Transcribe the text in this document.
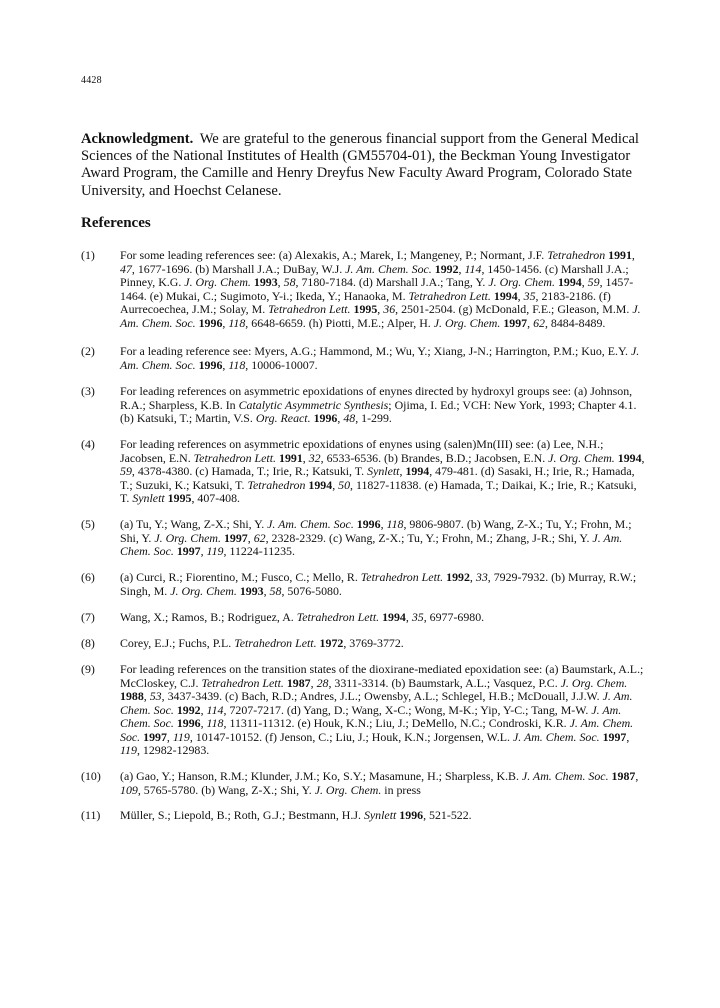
4428
Acknowledgment. We are grateful to the generous financial support from the General Medical Sciences of the National Institutes of Health (GM55704-01), the Beckman Young Investigator Award Program, the Camille and Henry Dreyfus New Faculty Award Program, Colorado State University, and Hoechst Celanese.
References
(1) For some leading references see: (a) Alexakis, A.; Marek, I.; Mangeney, P.; Normant, J.F. Tetrahedron 1991, 47, 1677-1696. (b) Marshall J.A.; DuBay, W.J. J. Am. Chem. Soc. 1992, 114, 1450-1456. (c) Marshall J.A.; Pinney, K.G. J. Org. Chem. 1993, 58, 7180-7184. (d) Marshall J.A.; Tang, Y. J. Org. Chem. 1994, 59, 1457-1464. (e) Mukai, C.; Sugimoto, Y-i.; Ikeda, Y.; Hanaoka, M. Tetrahedron Lett. 1994, 35, 2183-2186. (f) Aurrecoechea, J.M.; Solay, M. Tetrahedron Lett. 1995, 36, 2501-2504. (g) McDonald, F.E.; Gleason, M.M. J. Am. Chem. Soc. 1996, 118, 6648-6659. (h) Piotti, M.E.; Alper, H. J. Org. Chem. 1997, 62, 8484-8489.
(2) For a leading reference see: Myers, A.G.; Hammond, M.; Wu, Y.; Xiang, J-N.; Harrington, P.M.; Kuo, E.Y. J. Am. Chem. Soc. 1996, 118, 10006-10007.
(3) For leading references on asymmetric epoxidations of enynes directed by hydroxyl groups see: (a) Johnson, R.A.; Sharpless, K.B. In Catalytic Asymmetric Synthesis; Ojima, I. Ed.; VCH: New York, 1993; Chapter 4.1. (b) Katsuki, T.; Martin, V.S. Org. React. 1996, 48, 1-299.
(4) For leading references on asymmetric epoxidations of enynes using (salen)Mn(III) see: (a) Lee, N.H.; Jacobsen, E.N. Tetrahedron Lett. 1991, 32, 6533-6536. (b) Brandes, B.D.; Jacobsen, E.N. J. Org. Chem. 1994, 59, 4378-4380. (c) Hamada, T.; Irie, R.; Katsuki, T. Synlett, 1994, 479-481. (d) Sasaki, H.; Irie, R.; Hamada, T.; Suzuki, K.; Katsuki, T. Tetrahedron 1994, 50, 11827-11838. (e) Hamada, T.; Daikai, K.; Irie, R.; Katsuki, T. Synlett 1995, 407-408.
(5) (a) Tu, Y.; Wang, Z-X.; Shi, Y. J. Am. Chem. Soc. 1996, 118, 9806-9807. (b) Wang, Z-X.; Tu, Y.; Frohn, M.; Shi, Y. J. Org. Chem. 1997, 62, 2328-2329. (c) Wang, Z-X.; Tu, Y.; Frohn, M.; Zhang, J-R.; Shi, Y. J. Am. Chem. Soc. 1997, 119, 11224-11235.
(6) (a) Curci, R.; Fiorentino, M.; Fusco, C.; Mello, R. Tetrahedron Lett. 1992, 33, 7929-7932. (b) Murray, R.W.; Singh, M. J. Org. Chem. 1993, 58, 5076-5080.
(7) Wang, X.; Ramos, B.; Rodriguez, A. Tetrahedron Lett. 1994, 35, 6977-6980.
(8) Corey, E.J.; Fuchs, P.L. Tetrahedron Lett. 1972, 3769-3772.
(9) For leading references on the transition states of the dioxirane-mediated epoxidation see: (a) Baumstark, A.L.; McCloskey, C.J. Tetrahedron Lett. 1987, 28, 3311-3314. (b) Baumstark, A.L.; Vasquez, P.C. J. Org. Chem. 1988, 53, 3437-3439. (c) Bach, R.D.; Andres, J.L.; Owensby, A.L.; Schlegel, H.B.; McDouall, J.J.W. J. Am. Chem. Soc. 1992, 114, 7207-7217. (d) Yang, D.; Wang, X-C.; Wong, M-K.; Yip, Y-C.; Tang, M-W. J. Am. Chem. Soc. 1996, 118, 11311-11312. (e) Houk, K.N.; Liu, J.; DeMello, N.C.; Condroski, K.R. J. Am. Chem. Soc. 1997, 119, 10147-10152. (f) Jenson, C.; Liu, J.; Houk, K.N.; Jorgensen, W.L. J. Am. Chem. Soc. 1997, 119, 12982-12983.
(10) (a) Gao, Y.; Hanson, R.M.; Klunder, J.M.; Ko, S.Y.; Masamune, H.; Sharpless, K.B. J. Am. Chem. Soc. 1987, 109, 5765-5780. (b) Wang, Z-X.; Shi, Y. J. Org. Chem. in press
(11) Müller, S.; Liepold, B.; Roth, G.J.; Bestmann, H.J. Synlett 1996, 521-522.
